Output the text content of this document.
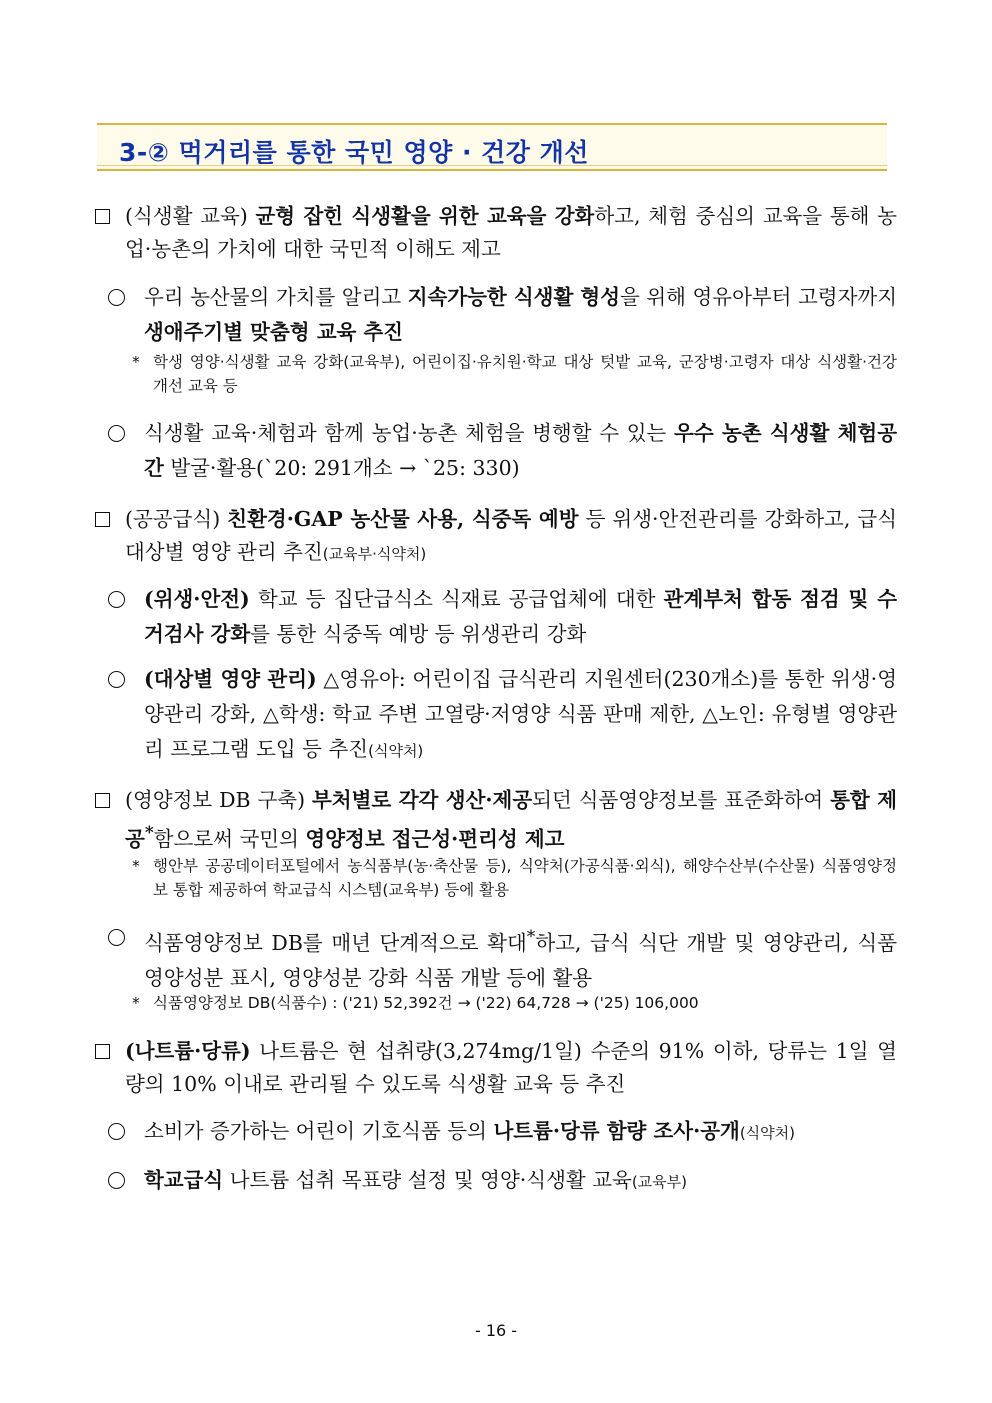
3-② 먹거리를 통한 국민 영양 · 건강 개선
(식생활 교육) 균형 잡힌 식생활을 위한 교육을 강화하고, 체험 중심의 교육을 통해 농업·농촌의 가치에 대한 국민적 이해도 제고
우리 농산물의 가치를 알리고 지속가능한 식생활 형성을 위해 영유아부터 고령자까지 생애주기별 맞춤형 교육 추진
* 학생 영양·식생활 교육 강화(교육부), 어린이집·유치원·학교 대상 텃밭 교육, 군장병·고령자 대상 식생활·건강 개선 교육 등
식생활 교육·체험과 함께 농업·농촌 체험을 병행할 수 있는 우수 농촌 식생활 체험공간 발굴·활용(`20: 291개소 → `25: 330)
(공공급식) 친환경·GAP 농산물 사용, 식중독 예방 등 위생·안전관리를 강화하고, 급식 대상별 영양 관리 추진(교육부·식약처)
(위생·안전) 학교 등 집단급식소 식재료 공급업체에 대한 관계부처 합동 점검 및 수거검사 강화를 통한 식중독 예방 등 위생관리 강화
(대상별 영양 관리) △영유아: 어린이집 급식관리 지원센터(230개소)를 통한 위생·영양관리 강화, △학생: 학교 주변 고열량·저영양 식품 판매 제한, △노인: 유형별 영양관리 프로그램 도입 등 추진(식약처)
(영양정보 DB 구축) 부처별로 각각 생산·제공되던 식품영양정보를 표준화하여 통합 제공*함으로써 국민의 영양정보 접근성·편리성 제고
* 행안부 공공데이터포털에서 농식품부(농·축산물 등), 식약처(가공식품·외식), 해양수산부(수산물) 식품영양정보 통합 제공하여 학교급식 시스템(교육부) 등에 활용
식품영양정보 DB를 매년 단계적으로 확대*하고, 급식 식단 개발 및 영양관리, 식품 영양성분 표시, 영양성분 강화 식품 개발 등에 활용
* 식품영양정보 DB(식품수) : ('21) 52,392건 → ('22) 64,728 → ('25) 106,000
(나트륨·당류) 나트륨은 현 섭취량(3,274mg/1일) 수준의 91% 이하, 당류는 1일 열량의 10% 이내로 관리될 수 있도록 식생활 교육 등 추진
소비가 증가하는 어린이 기호식품 등의 나트륨·당류 함량 조사·공개(식약처)
학교급식 나트륨 섭취 목표량 설정 및 영양·식생활 교육(교육부)
- 16 -
